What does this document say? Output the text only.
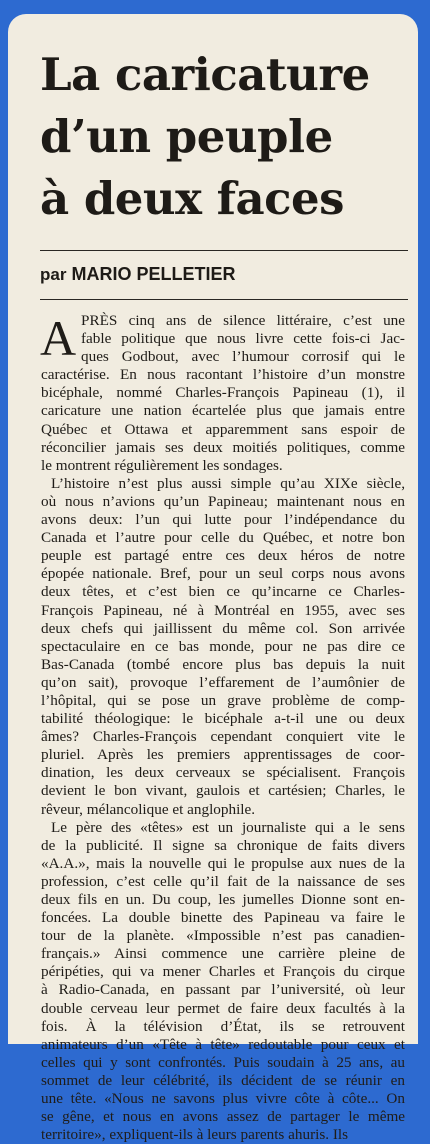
La caricature
d’un peuple
à deux faces
par MARIO PELLETIER
A PRÈS cinq ans de silence littéraire, c’est une
fable politique que nous livre cette fois-ci Jac-
ques Godbout, avec l’humour corrosif qui le
caractérise. En nous racontant l’histoire d’un monstre
bicéphale, nommé Charles-François Papineau (1), il
caricature une nation écartelée plus que jamais entre
Québec et Ottawa et apparemment sans espoir de
réconcilier jamais ses deux moitiés politiques, comme
le montrent régulièrement les sondages.

L’histoire n’est plus aussi simple qu’au XIXe siècle,
où nous n’avions qu’un Papineau; maintenant nous en
avons deux: l’un qui lutte pour l’indépendance du
Canada et l’autre pour celle du Québec, et notre bon
peuple est partagé entre ces deux héros de notre
épopée nationale. Bref, pour un seul corps nous avons
deux têtes, et c’est bien ce qu’incarne ce Charles-
François Papineau, né à Montréal en 1955, avec ses
deux chefs qui jaillissent du même col. Son arrivée
spectaculaire en ce bas monde, pour ne pas dire ce
Bas-Canada (tombé encore plus bas depuis la nuit
qu’on sait), provoque l’effarement de l’aumônier de
l’hôpital, qui se pose un grave problème de comp-
tabilité théologique: le bicéphale a-t-il une ou deux
âmes? Charles-François cependant conquiert vite le
pluriel. Après les premiers apprentissages de coor-
dination, les deux cerveaux se spécialisent. François
devient le bon vivant, gaulois et cartésien; Charles, le
rêveur, mélancolique et anglophile.

Le père des «têtes» est un journaliste qui a le sens
de la publicité. Il signe sa chronique de faits divers
«A.A.», mais la nouvelle qui le propulse aux nues de la
profession, c’est celle qu’il fait de la naissance de ses
deux fils en un. Du coup, les jumelles Dionne sont en-
foncées. La double binette des Papineau va faire le
tour de la planète. «Impossible n’est pas canadien-
français.» Ainsi commence une carrière pleine de
péripéties, qui va mener Charles et François du cirque
à Radio-Canada, en passant par l’université, où leur
double cerveau leur permet de faire deux facultés à la
fois. À la télévision d’État, ils se retrouvent
animateurs d’un «Tête à tête» redoutable pour ceux et
celles qui y sont confrontés. Puis soudain à 25 ans, au
sommet de leur célébrité, ils décident de se réunir en
une tête. «Nous ne savons plus vivre côte à côte... On
se gêne, et nous en avons assez de partager le même
territoire», expliquent-ils à leurs parents ahuris. Ils
